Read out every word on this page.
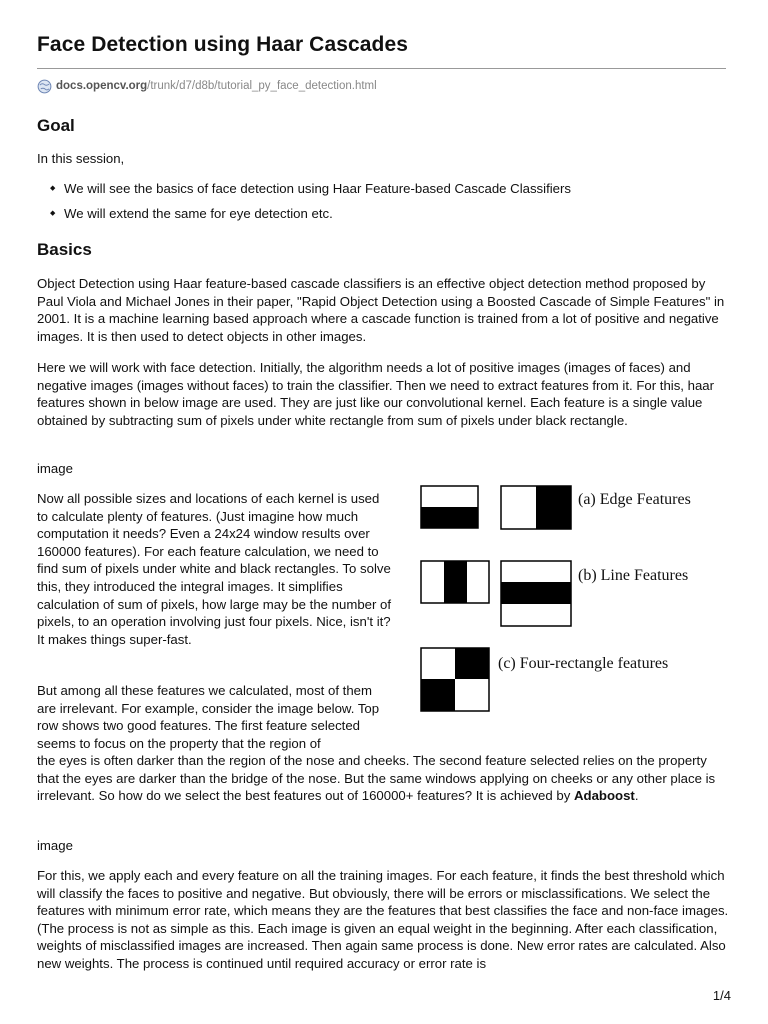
Face Detection using Haar Cascades
docs.opencv.org/trunk/d7/d8b/tutorial_py_face_detection.html
Goal
In this session,
◆ We will see the basics of face detection using Haar Feature-based Cascade Classifiers
◆ We will extend the same for eye detection etc.
Basics
Object Detection using Haar feature-based cascade classifiers is an effective object detection method proposed by Paul Viola and Michael Jones in their paper, "Rapid Object Detection using a Boosted Cascade of Simple Features" in 2001. It is a machine learning based approach where a cascade function is trained from a lot of positive and negative images. It is then used to detect objects in other images.
Here we will work with face detection. Initially, the algorithm needs a lot of positive images (images of faces) and negative images (images without faces) to train the classifier. Then we need to extract features from it. For this, haar features shown in below image are used. They are just like our convolutional kernel. Each feature is a single value obtained by subtracting sum of pixels under white rectangle from sum of pixels under black rectangle.
image
Now all possible sizes and locations of each kernel is used to calculate plenty of features. (Just imagine how much computation it needs? Even a 24x24 window results over 160000 features). For each feature calculation, we need to find sum of pixels under white and black rectangles. To solve this, they introduced the integral images. It simplifies calculation of sum of pixels, how large may be the number of pixels, to an operation involving just four pixels. Nice, isn't it? It makes things super-fast.
But among all these features we calculated, most of them are irrelevant. For example, consider the image below. Top row shows two good features. The first feature selected seems to focus on the property that the region of
the eyes is often darker than the region of the nose and cheeks. The second feature selected relies on the property that the eyes are darker than the bridge of the nose. But the same windows applying on cheeks or any other place is irrelevant. So how do we select the best features out of 160000+ features? It is achieved by Adaboost.
image
For this, we apply each and every feature on all the training images. For each feature, it finds the best threshold which will classify the faces to positive and negative. But obviously, there will be errors or misclassifications. We select the features with minimum error rate, which means they are the features that best classifies the face and non-face images. (The process is not as simple as this. Each image is given an equal weight in the beginning. After each classification, weights of misclassified images are increased. Then again same process is done. New error rates are calculated. Also new weights. The process is continued until required accuracy or error rate is
(a) Edge Features
(b) Line Features
(c) Four-rectangle features
1/4
